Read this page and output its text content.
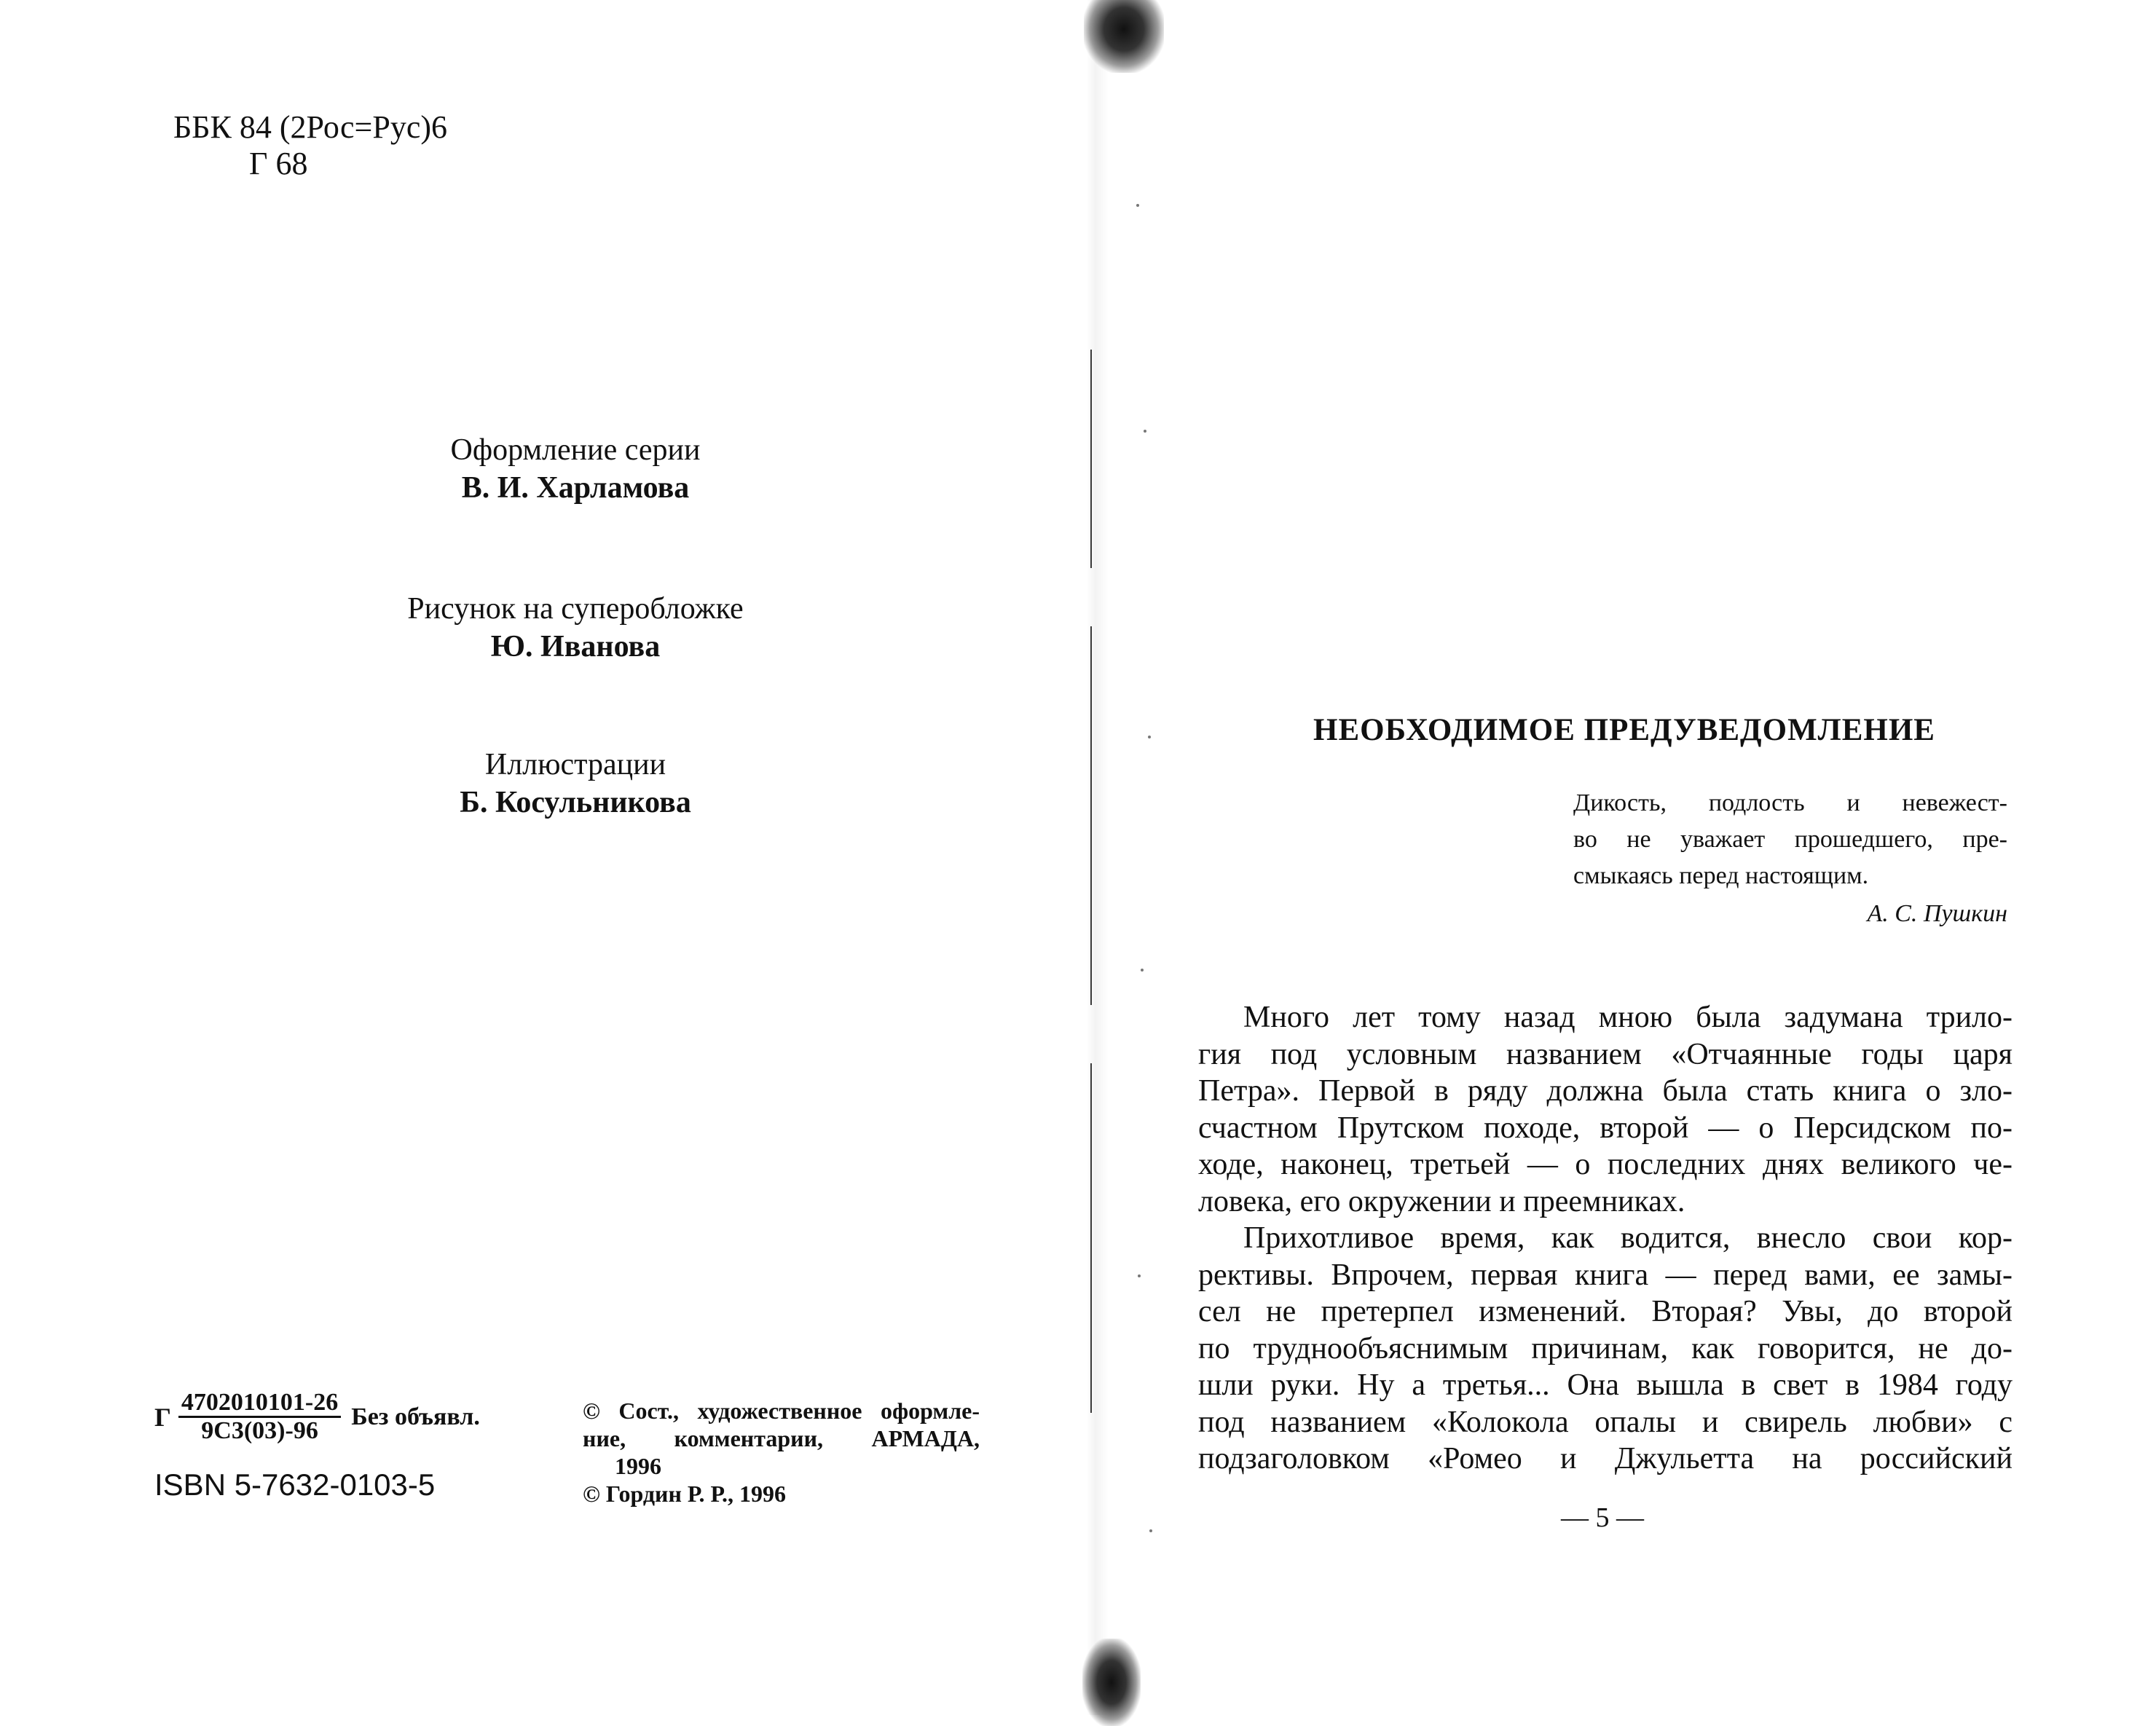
ББК 84 (2Рос=Рус)6
Г 68
Оформление серии
В. И. Харламова
Рисунок на суперобложке
Ю. Иванова
Иллюстрации
Б. Косульникова
Г $\frac{4702010101-26}{9С3(03)-96}$ Без объявл.
ISBN 5-7632-0103-5
© Сост., художественное оформле-
ние, комментарии, АРМАДА,
1996
© Гордин Р. Р., 1996
НЕОБХОДИМОЕ ПРЕДУВЕДОМЛЕНИЕ
Дикость, подлость и невежест-
во не уважает прошедшего, пре-
смыкаясь перед настоящим.
А. С. Пушкин
Много лет тому назад мною была задумана трило-
гия под условным названием «Отчаянные годы царя
Петра». Первой в ряду должна была стать книга о зло-
счастном Прутском походе, второй — о Персидском по-
ходе, наконец, третьей — о последних днях великого че-
ловека, его окружении и преемниках.
Прихотливое время, как водится, внесло свои кор-
рективы. Впрочем, первая книга — перед вами, ее замы-
сел не претерпел изменений. Вторая? Увы, до второй
по труднообъяснимым причинам, как говорится, не до-
шли руки. Ну а третья... Она вышла в свет в 1984 году
под названием «Колокола опалы и свирель любви» с
подзаголовком «Ромео и Джульетта на российский
— 5 —
